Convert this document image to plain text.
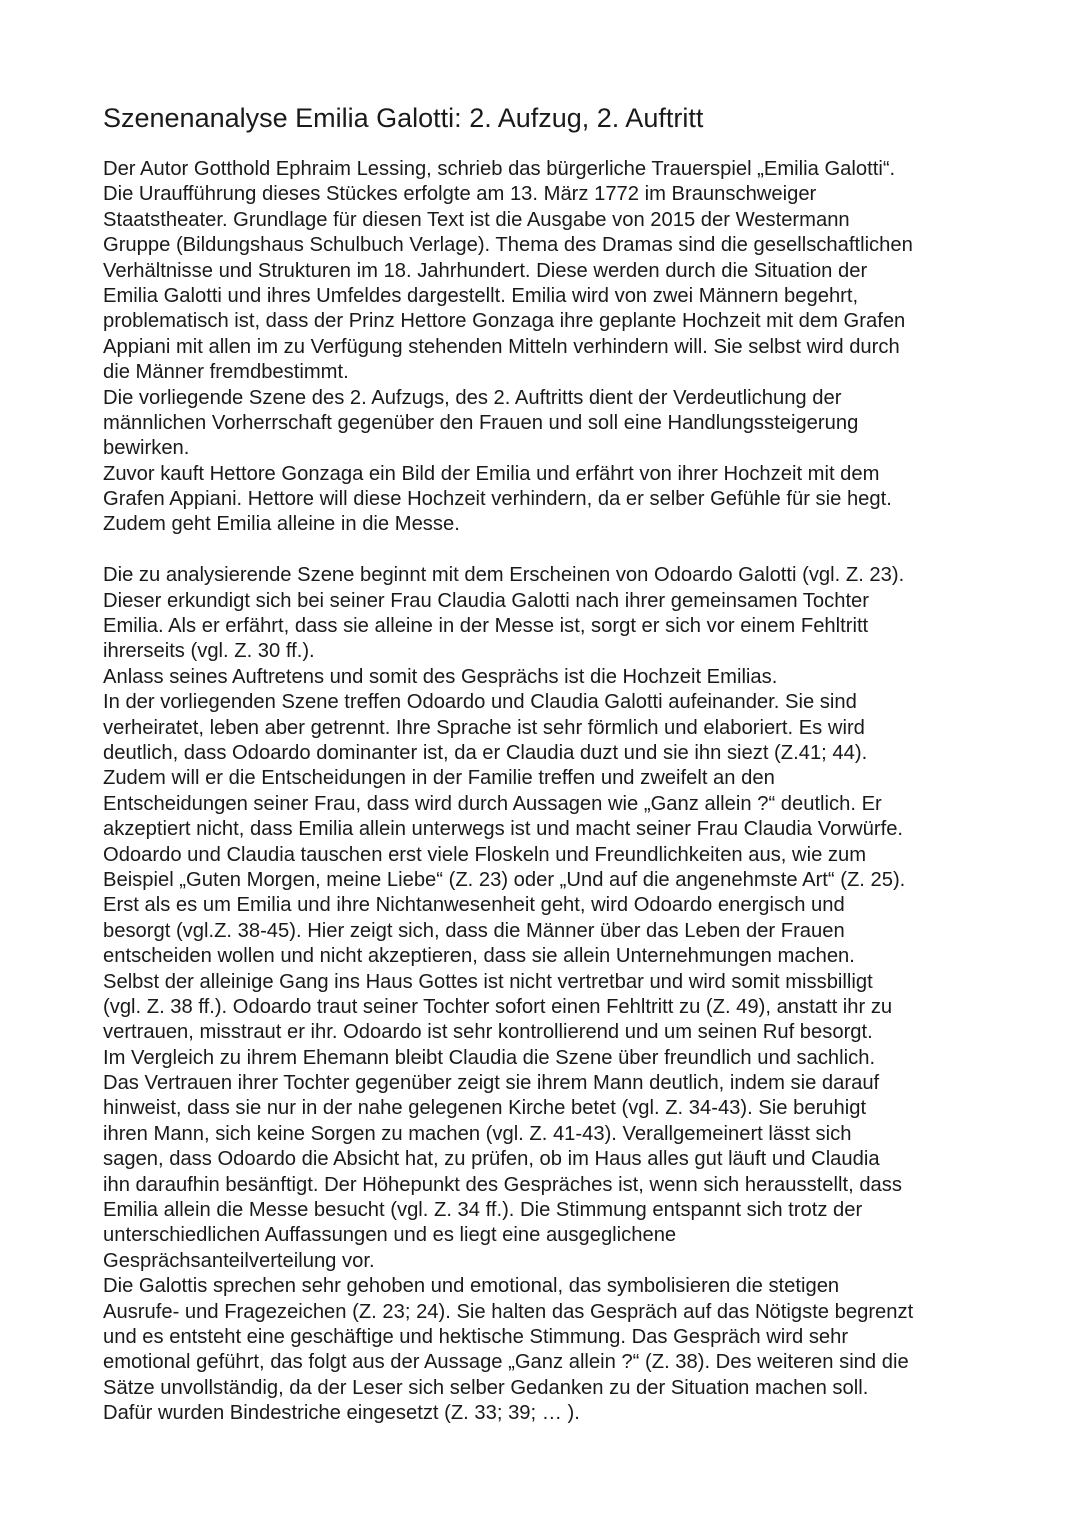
Szenenanalyse Emilia Galotti: 2. Aufzug, 2. Auftritt

Der Autor Gotthold Ephraim Lessing, schrieb das bürgerliche Trauerspiel „Emilia Galotti“.

Die Uraufführung dieses Stückes erfolgte am 13. März 1772 im Braunschweiger

Staatstheater. Grundlage für diesen Text ist die Ausgabe von 2015 der Westermann

Gruppe (Bildungshaus Schulbuch Verlage). Thema des Dramas sind die gesellschaftlichen

Verhältnisse und Strukturen im 18. Jahrhundert. Diese werden durch die Situation der

Emilia Galotti und ihres Umfeldes dargestellt. Emilia wird von zwei Männern begehrt,

problematisch ist, dass der Prinz Hettore Gonzaga ihre geplante Hochzeit mit dem Grafen

Appiani mit allen im zu Verfügung stehenden Mitteln verhindern will. Sie selbst wird durch

die Männer fremdbestimmt.

Die vorliegende Szene des 2. Aufzugs, des 2. Auftritts dient der Verdeutlichung der

männlichen Vorherrschaft gegenüber den Frauen und soll eine Handlungssteigerung

bewirken.

Zuvor kauft Hettore Gonzaga ein Bild der Emilia und erfährt von ihrer Hochzeit mit dem

Grafen Appiani. Hettore will diese Hochzeit verhindern, da er selber Gefühle für sie hegt.

Zudem geht Emilia alleine in die Messe.

Die zu analysierende Szene beginnt mit dem Erscheinen von Odoardo Galotti (vgl. Z. 23).

Dieser erkundigt sich bei seiner Frau Claudia Galotti nach ihrer gemeinsamen Tochter

Emilia. Als er erfährt, dass sie alleine in der Messe ist, sorgt er sich vor einem Fehltritt

ihrerseits (vgl. Z. 30 ff.).

Anlass seines Auftretens und somit des Gesprächs ist die Hochzeit Emilias.

In der vorliegenden Szene treffen Odoardo und Claudia Galotti aufeinander. Sie sind

verheiratet, leben aber getrennt. Ihre Sprache ist sehr förmlich und elaboriert. Es wird

deutlich, dass Odoardo dominanter ist, da er Claudia duzt und sie ihn siezt (Z.41; 44).

Zudem will er die Entscheidungen in der Familie treffen und zweifelt an den

Entscheidungen seiner Frau, dass wird durch Aussagen wie „Ganz allein ?“ deutlich. Er

akzeptiert nicht, dass Emilia allein unterwegs ist und macht seiner Frau Claudia Vorwürfe.

Odoardo und Claudia tauschen erst viele Floskeln und Freundlichkeiten aus, wie zum

Beispiel „Guten Morgen, meine Liebe“ (Z. 23) oder „Und auf die angenehmste Art“ (Z. 25).

Erst als es um Emilia und ihre Nichtanwesenheit geht, wird Odoardo energisch und

besorgt (vgl.Z. 38-45). Hier zeigt sich, dass die Männer über das Leben der Frauen

entscheiden wollen und nicht akzeptieren, dass sie allein Unternehmungen machen.

Selbst der alleinige Gang ins Haus Gottes ist nicht vertretbar und wird somit missbilligt

(vgl. Z. 38 ff.). Odoardo traut seiner Tochter sofort einen Fehltritt zu (Z. 49), anstatt ihr zu

vertrauen, misstraut er ihr. Odoardo ist sehr kontrollierend und um seinen Ruf besorgt.

Im Vergleich zu ihrem Ehemann bleibt Claudia die Szene über freundlich und sachlich.

Das Vertrauen ihrer Tochter gegenüber zeigt sie ihrem Mann deutlich, indem sie darauf

hinweist, dass sie nur in der nahe gelegenen Kirche betet (vgl. Z. 34-43). Sie beruhigt

ihren Mann, sich keine Sorgen zu machen (vgl. Z. 41-43). Verallgemeinert lässt sich

sagen, dass Odoardo die Absicht hat, zu prüfen, ob im Haus alles gut läuft und Claudia

ihn daraufhin besänftigt. Der Höhepunkt des Gespräches ist, wenn sich herausstellt, dass

Emilia allein die Messe besucht (vgl. Z. 34 ff.). Die Stimmung entspannt sich trotz der

unterschiedlichen Auffassungen und es liegt eine ausgeglichene

Gesprächsanteilverteilung vor.

Die Galottis sprechen sehr gehoben und emotional, das symbolisieren die stetigen

Ausrufe- und Fragezeichen (Z. 23; 24). Sie halten das Gespräch auf das Nötigste begrenzt

und es entsteht eine geschäftige und hektische Stimmung. Das Gespräch wird sehr

emotional geführt, das folgt aus der Aussage „Ganz allein ?“ (Z. 38). Des weiteren sind die

Sätze unvollständig, da der Leser sich selber Gedanken zu der Situation machen soll.

Dafür wurden Bindestriche eingesetzt (Z. 33; 39; … ).
